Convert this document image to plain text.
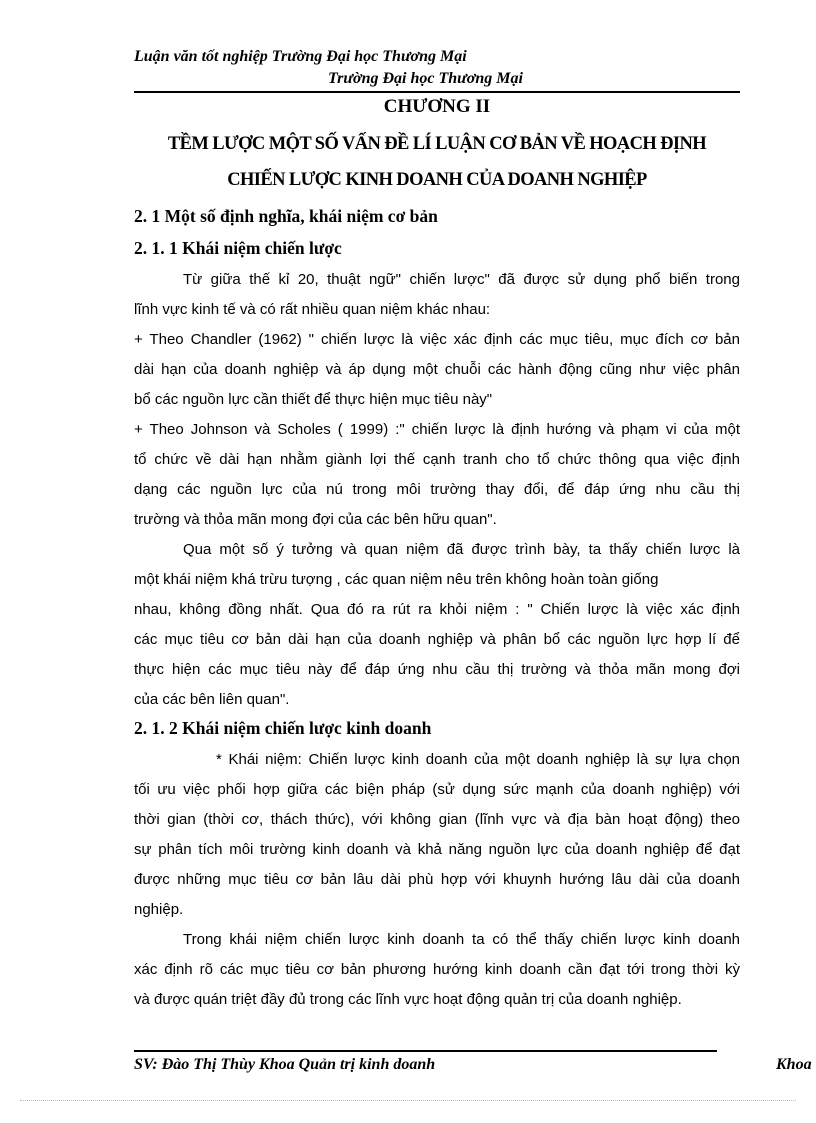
Luận văn tốt nghiệp Trường Đại học Thương Mại
Trường Đại học Thương Mại
CHƯƠNG II
TỀM LƯỢC MỘT SỐ VẤN ĐỀ LÍ LUẬN CƠ BẢN VỀ HOẠCH ĐỊNH
CHIẾN LƯỢC KINH DOANH CỦA DOANH NGHIỆP
2. 1 Một số định nghĩa, khái niệm cơ bản
2. 1. 1 Khái niệm chiến lược
Từ giữa thế kỉ 20, thuật ngữ" chiến lược" đã được sử dụng phổ biến trong
lĩnh vực kinh tế và có rất nhiều quan niệm khác nhau:
+ Theo Chandler (1962) " chiến lược là việc xác định các mục tiêu, mục đích cơ bản
dài hạn của doanh nghiệp và áp dụng một chuỗi các hành động cũng như việc phân
bổ các nguồn lực cần thiết để thực hiện mục tiêu này"
+ Theo Johnson và Scholes ( 1999) :" chiến lược là định hướng và phạm vi của một
tổ chức về dài hạn nhằm giành lợi thế cạnh tranh cho tổ chức thông qua việc định
dạng các nguồn lực của nú trong môi trường thay đổi, để đáp ứng nhu cầu thị
trường và thỏa mãn mong đợi của các bên hữu quan".
Qua một số ý tưởng và quan niệm đã được trình bày, ta thấy chiến lược là
một khái niệm khá trừu tượng , các quan niệm nêu trên không hoàn toàn giống
nhau, không đồng nhất. Qua đó ra rút ra khỏi niệm : " Chiến lược là việc xác định
các mục tiêu cơ bản dài hạn của doanh nghiệp và phân bổ các nguồn lực hợp lí để
thực hiện các mục tiêu này để đáp ứng nhu cầu thị trường và thỏa mãn mong đợi
của các bên liên quan".
2. 1. 2 Khái niệm chiến lược kinh doanh
* Khái niệm: Chiến lược kinh doanh của một doanh nghiệp là sự lựa chọn
tối ưu việc phối hợp giữa các biện pháp (sử dụng sức mạnh của doanh nghiệp) với
thời gian (thời cơ, thách thức), với không gian (lĩnh vực và địa bàn hoạt động) theo
sự phân tích môi trường kinh doanh và khả năng nguồn lực của doanh nghiệp để đạt
được những mục tiêu cơ bản lâu dài phù hợp với khuynh hướng lâu dài của doanh
nghiệp.
Trong khái niệm chiến lược kinh doanh ta có thể thấy chiến lược kinh doanh
xác định rõ các mục tiêu cơ bản phương hướng kinh doanh cần đạt tới trong thời kỳ
và được quán triệt đầy đủ trong các lĩnh vực hoạt động quản trị của doanh nghiệp.
SV: Đào Thị Thùy Khoa Quản trị kinh doanh	Khoa
